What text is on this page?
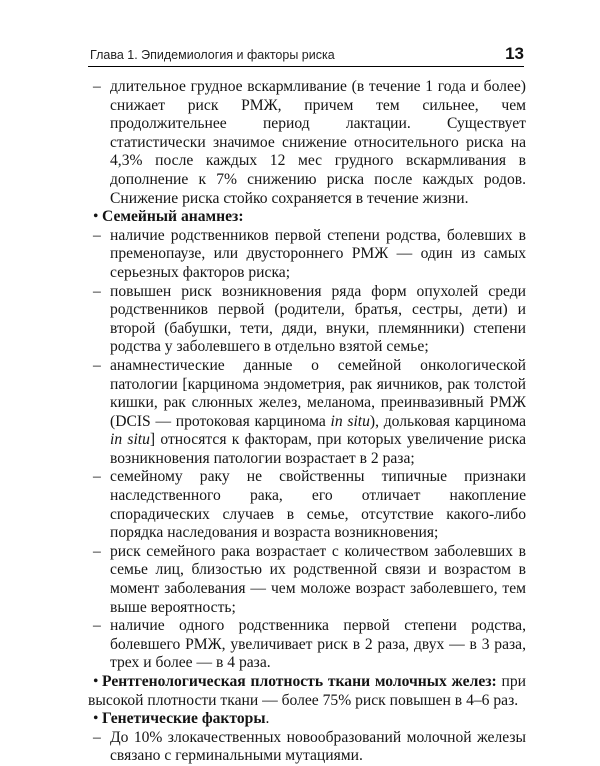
Глава 1. Эпидемиология и факторы риска	13
– длительное грудное вскармливание (в течение 1 года и более) снижает риск РМЖ, причем тем сильнее, чем продолжительнее период лактации. Существует статистически значимое снижение относительного риска на 4,3% после каждых 12 мес грудного вскармливания в дополнение к 7% снижению риска после каждых родов. Снижение риска стойко сохраняется в течение жизни.
• Семейный анамнез:
– наличие родственников первой степени родства, болевших в пременопаузе, или двустороннего РМЖ — один из самых серьезных факторов риска;
– повышен риск возникновения ряда форм опухолей среди родственников первой (родители, братья, сестры, дети) и второй (бабушки, тети, дяди, внуки, племянники) степени родства у заболевшего в отдельно взятой семье;
– анамнестические данные о семейной онкологической патологии [карцинома эндометрия, рак яичников, рак толстой кишки, рак слюнных желез, меланома, преинвазивный РМЖ (DCIS — протоковая карцинома in situ), дольковая карцинома in situ] относятся к факторам, при которых увеличение риска возникновения патологии возрастает в 2 раза;
– семейному раку не свойственны типичные признаки наследственного рака, его отличает накопление спорадических случаев в семье, отсутствие какого-либо порядка наследования и возраста возникновения;
– риск семейного рака возрастает с количеством заболевших в семье лиц, близостью их родственной связи и возрастом в момент заболевания — чем моложе возраст заболевшего, тем выше вероятность;
– наличие одного родственника первой степени родства, болевшего РМЖ, увеличивает риск в 2 раза, двух — в 3 раза, трех и более — в 4 раза.
• Рентгенологическая плотность ткани молочных желез: при высокой плотности ткани — более 75% риск повышен в 4–6 раз.
• Генетические факторы.
– До 10% злокачественных новообразований молочной железы связано с герминальными мутациями.
